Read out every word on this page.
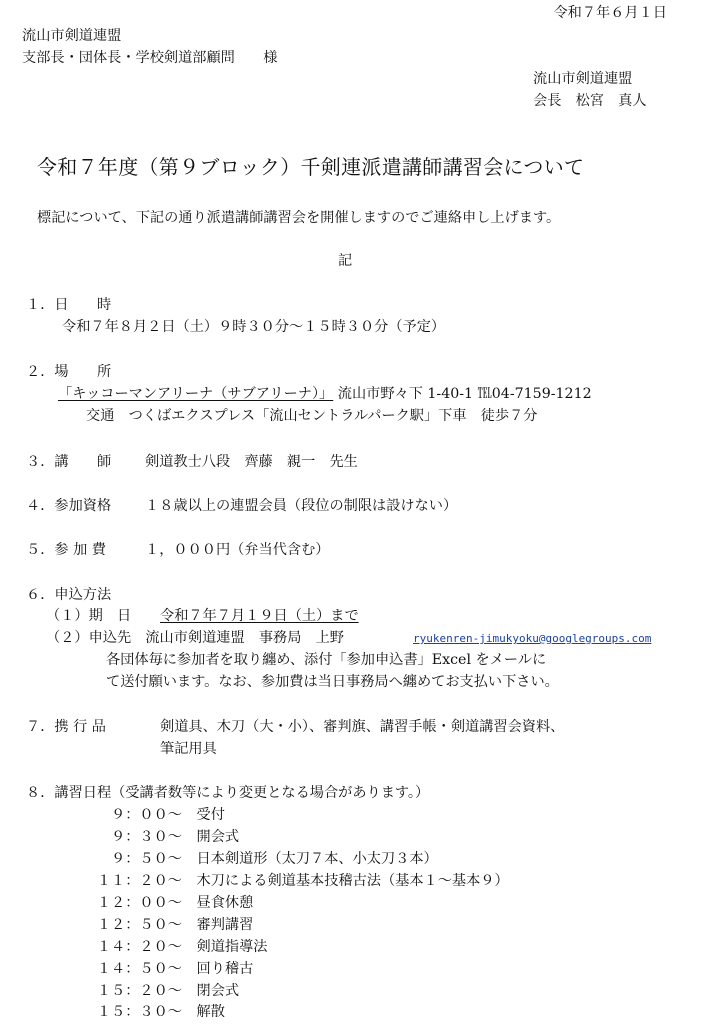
令和７年６月１日
流山市剣道連盟
支部長・団体長・学校剣道部顧問　　様
流山市剣道連盟
会長　松宮　真人
令和７年度（第９ブロック）千剣連派遣講師講習会について
標記について、下記の通り派遣講師講習会を開催しますのでご連絡申し上げます。
記
１．日　　時
令和７年８月２日（土）９時３０分～１５時３０分（予定）
２．場　　所
「キッコーマンアリーナ（サブアリーナ）」 流山市野々下 1-40-1 ℡04-7159-1212
交通　つくばエクスプレス「流山セントラルパーク駅」下車　徒歩７分
３．講　　師 剣道教士八段　齊藤　親一　先生
４．参加資格 １８歳以上の連盟会員（段位の制限は設けない）
５．参 加 費	１，０００円（弁当代含む）
６．申込方法
（１）期　日 令和７年７月１９日（土）まで
（２）申込先　流山市剣道連盟　事務局　上野	ryukenren-jimukyoku@googlegroups.com
各団体毎に参加者を取り纏め、添付「参加申込書」Excel をメールに
て送付願います。なお、参加費は当日事務局へ纏めてお支払い下さい。
７．携 行 品	剣道具、木刀（大・小）、審判旗、講習手帳・剣道講習会資料、
筆記用具
８．講習日程（受講者数等により変更となる場合があります。）
９：００～ 受付
９：３０～ 開会式
９：５０～ 日本剣道形（太刀７本、小太刀３本）
１１：２０～ 木刀による剣道基本技稽古法（基本１～基本９）
１２：００～ 昼食休憩
１２：５０～ 審判講習
１４：２０～ 剣道指導法
１４：５０～ 回り稽古
１５：２０～ 閉会式
１５：３０～ 解散
